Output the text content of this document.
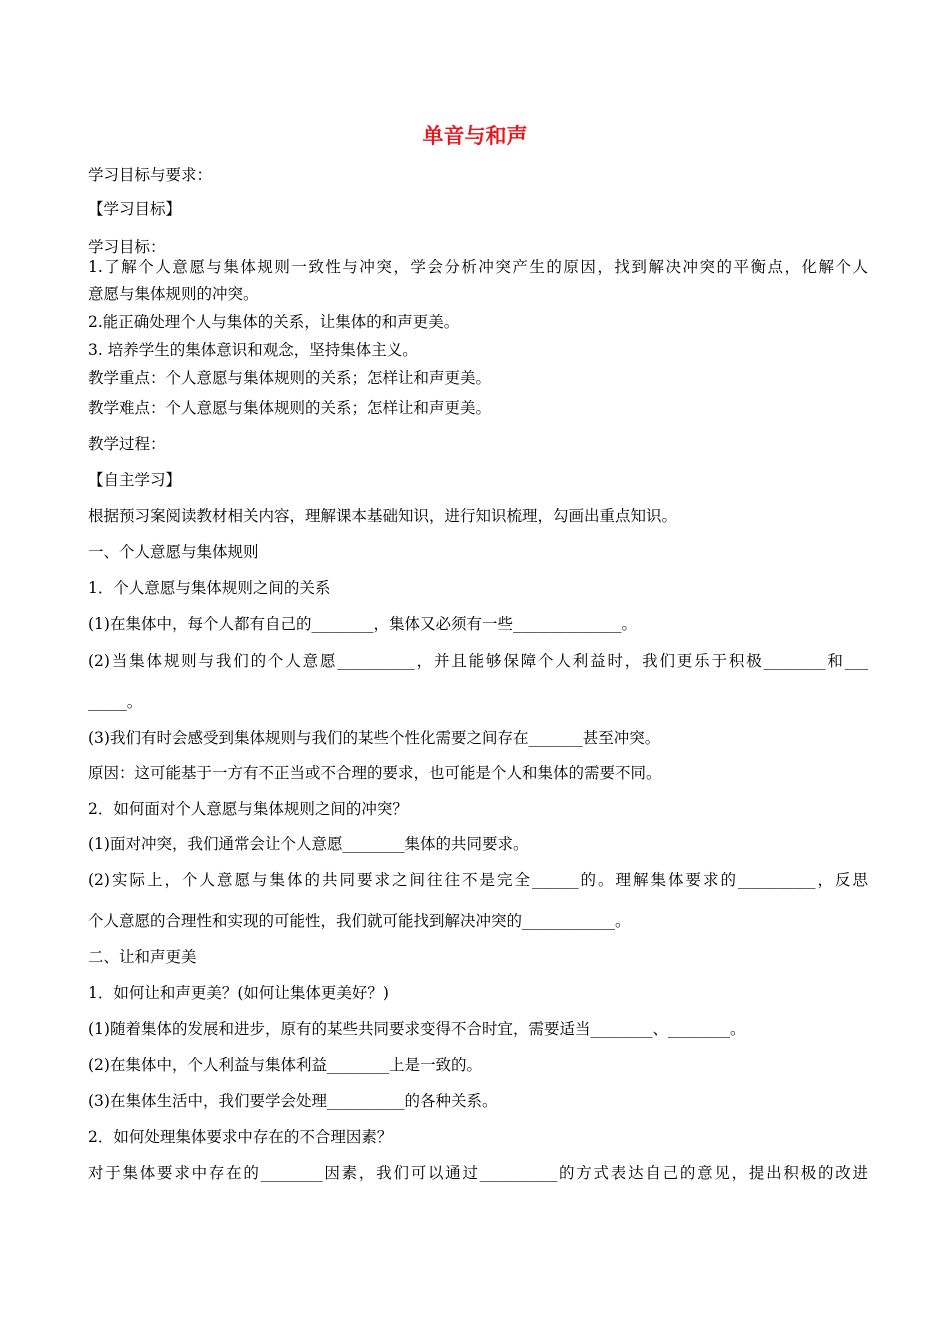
单音与和声
学习目标与要求：
【学习目标】
学习目标：
1.了解个人意愿与集体规则一致性与冲突，学会分析冲突产生的原因，找到解决冲突的平衡点，化解个人
意愿与集体规则的冲突。
2.能正确处理个人与集体的关系，让集体的和声更美。
3. 培养学生的集体意识和观念，坚持集体主义。
教学重点：个人意愿与集体规则的关系；怎样让和声更美。
教学难点：个人意愿与集体规则的关系；怎样让和声更美。
教学过程：
【自主学习】
根据预习案阅读教材相关内容，理解课本基础知识，进行知识梳理，勾画出重点知识。
一、个人意愿与集体规则
1．个人意愿与集体规则之间的关系
(1)在集体中，每个人都有自己的________，集体又必须有一些______________。
(2)当集体规则与我们的个人意愿__________，并且能够保障个人利益时，我们更乐于积极________和___
_____。
(3)我们有时会感受到集体规则与我们的某些个性化需要之间存在_______甚至冲突。
原因：这可能基于一方有不正当或不合理的要求，也可能是个人和集体的需要不同。
2．如何面对个人意愿与集体规则之间的冲突？
(1)面对冲突，我们通常会让个人意愿________集体的共同要求。
(2)实际上，个人意愿与集体的共同要求之间往往不是完全______的。理解集体要求的__________，反思
个人意愿的合理性和实现的可能性，我们就可能找到解决冲突的____________。
二、让和声更美
1．如何让和声更美？(如何让集体更美好？)
(1)随着集体的发展和进步，原有的某些共同要求变得不合时宜，需要适当________、________。
(2)在集体中，个人利益与集体利益________上是一致的。
(3)在集体生活中，我们要学会处理__________的各种关系。
2．如何处理集体要求中存在的不合理因素？
对于集体要求中存在的________因素，我们可以通过__________的方式表达自己的意见，提出积极的改进
